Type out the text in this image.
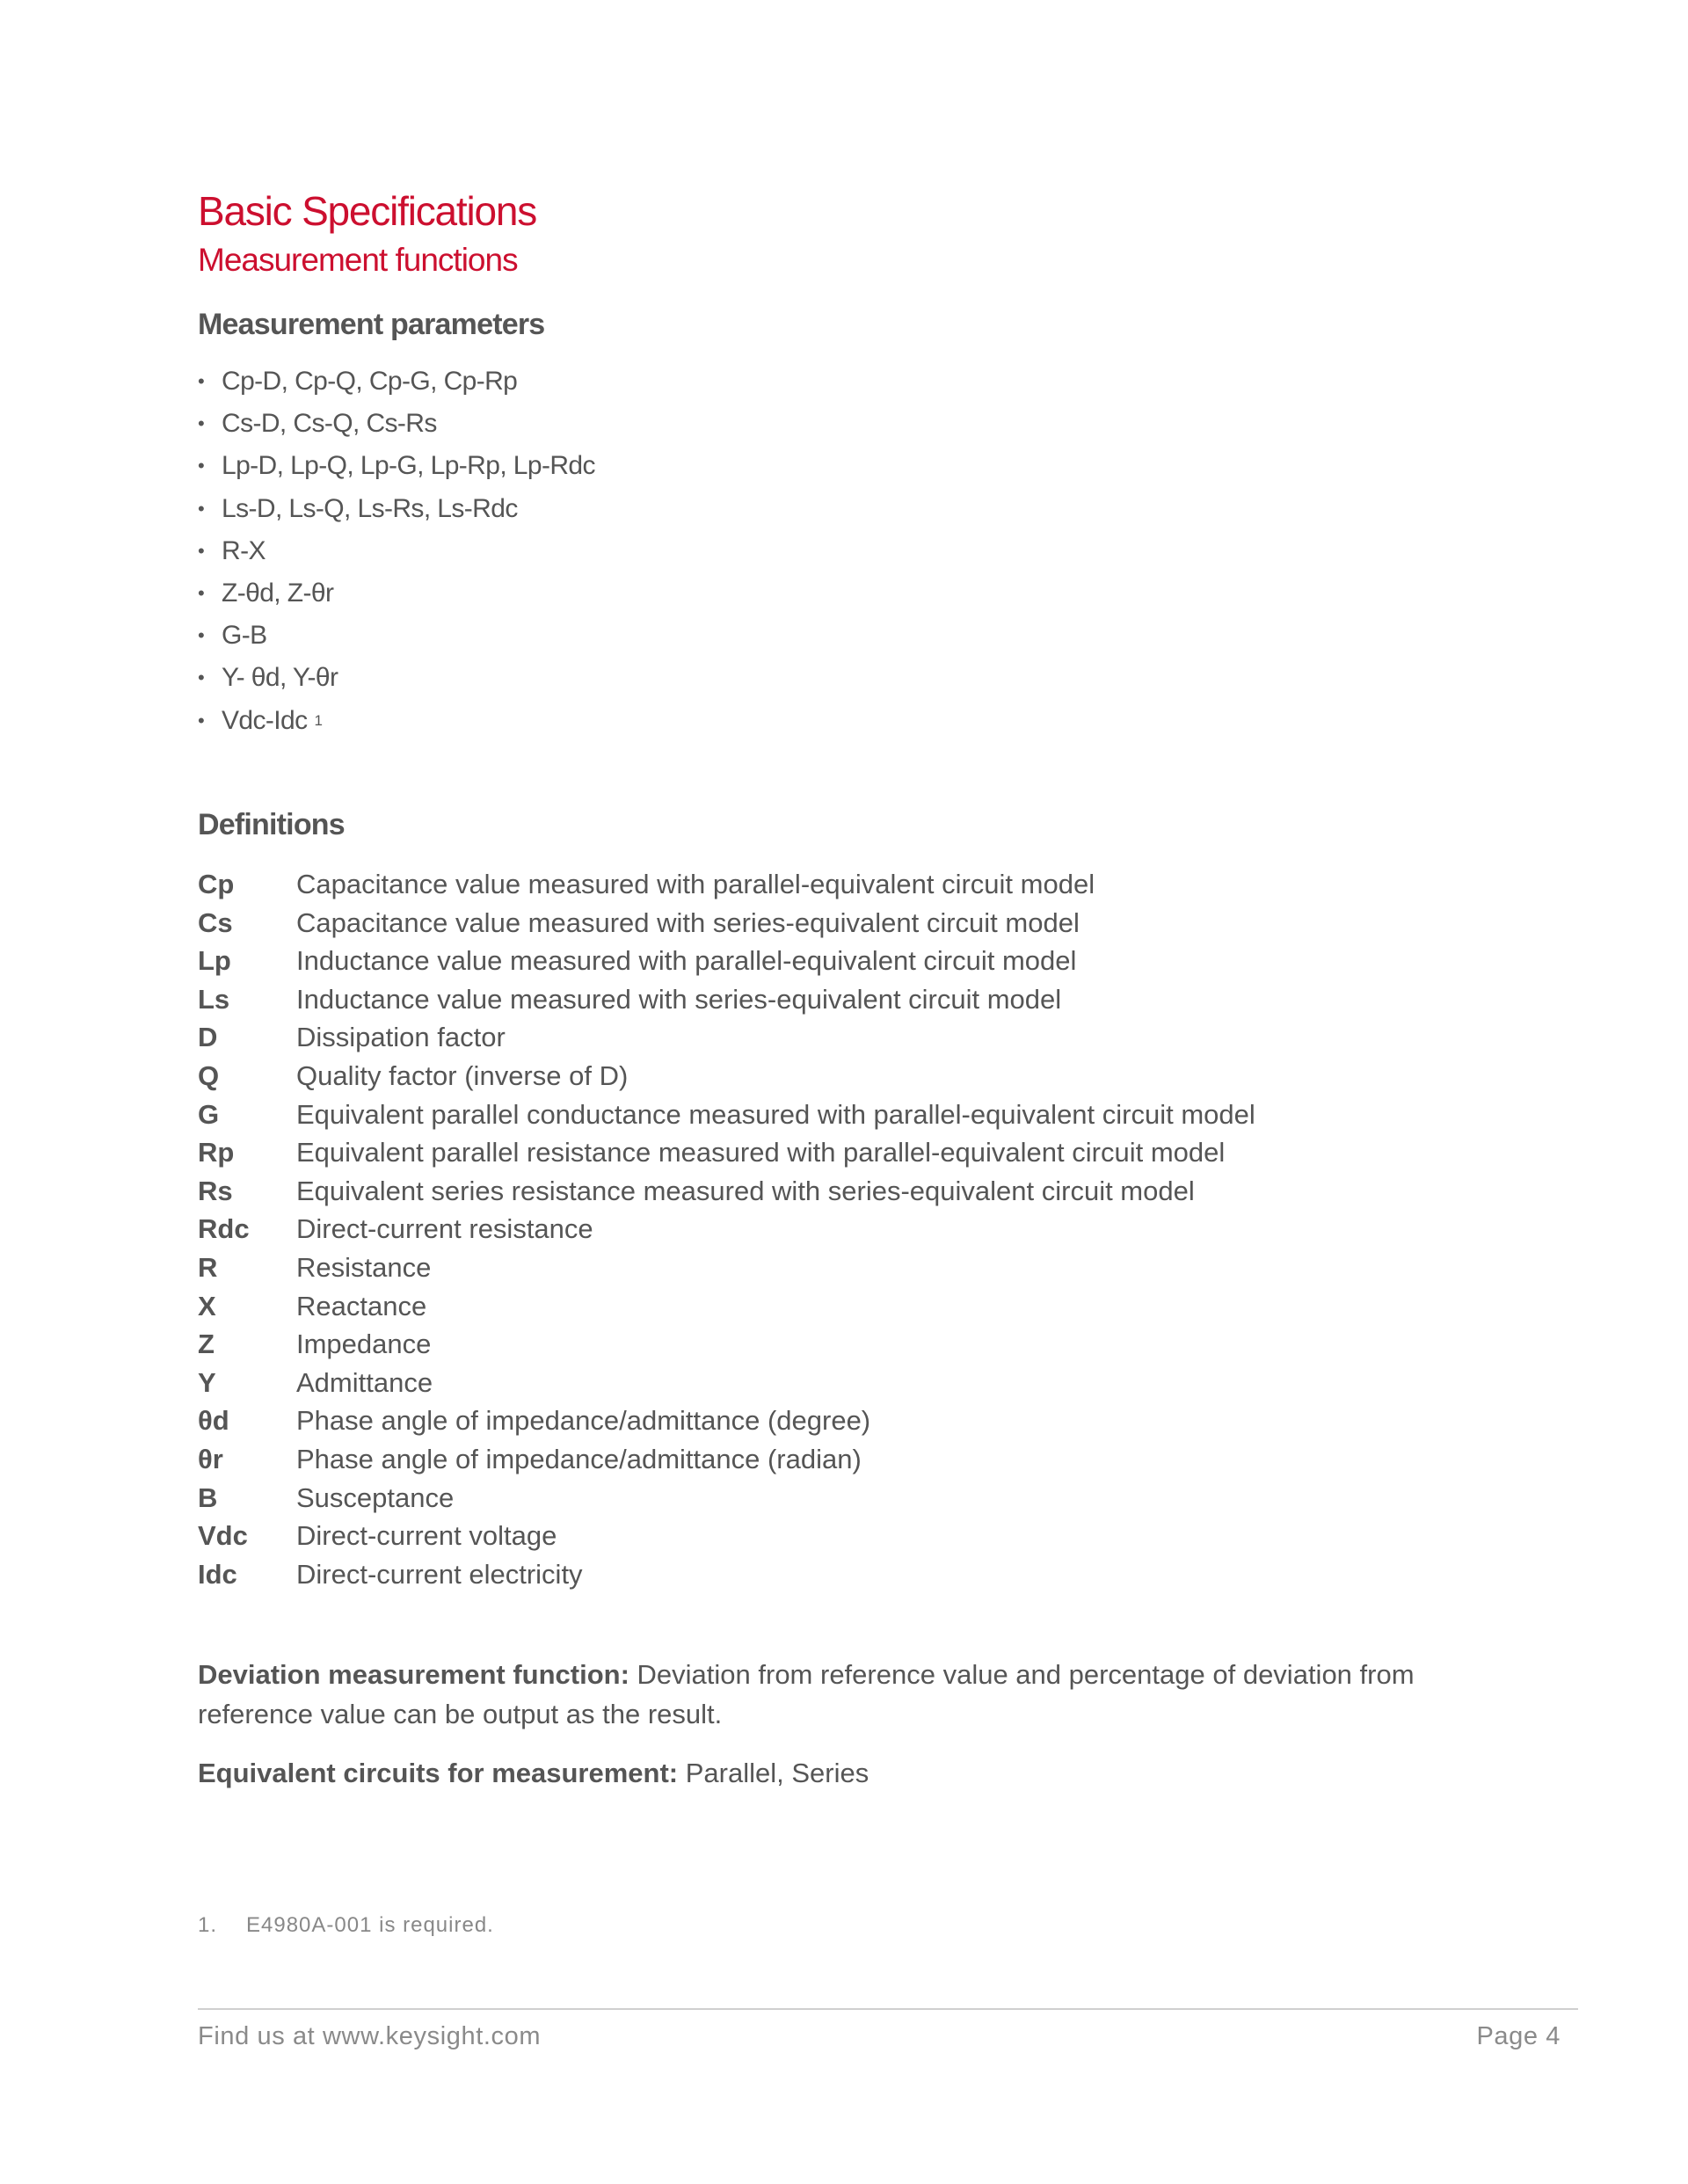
Basic Specifications
Measurement functions
Measurement parameters
• Cp-D, Cp-Q, Cp-G, Cp-Rp
• Cs-D, Cs-Q, Cs-Rs
• Lp-D, Lp-Q, Lp-G, Lp-Rp, Lp-Rdc
• Ls-D, Ls-Q, Ls-Rs, Ls-Rdc
• R-X
• Z-θd, Z-θr
• G-B
• Y- θd, Y-θr
• Vdc-Idc 1
Definitions
Cp	Capacitance value measured with parallel-equivalent circuit model
Cs	Capacitance value measured with series-equivalent circuit model
Lp	Inductance value measured with parallel-equivalent circuit model
Ls	Inductance value measured with series-equivalent circuit model
D	Dissipation factor
Q	Quality factor (inverse of D)
G	Equivalent parallel conductance measured with parallel-equivalent circuit model
Rp	Equivalent parallel resistance measured with parallel-equivalent circuit model
Rs	Equivalent series resistance measured with series-equivalent circuit model
Rdc	Direct-current resistance
R	Resistance
X	Reactance
Z	Impedance
Y	Admittance
θd	Phase angle of impedance/admittance (degree)
θr	Phase angle of impedance/admittance (radian)
B	Susceptance
Vdc	Direct-current voltage
Idc	Direct-current electricity

Deviation measurement function: Deviation from reference value and percentage of deviation from reference value can be output as the result.

Equivalent circuits for measurement: Parallel, Series

1. E4980A-001 is required.

Find us at www.keysight.com	Page 4
